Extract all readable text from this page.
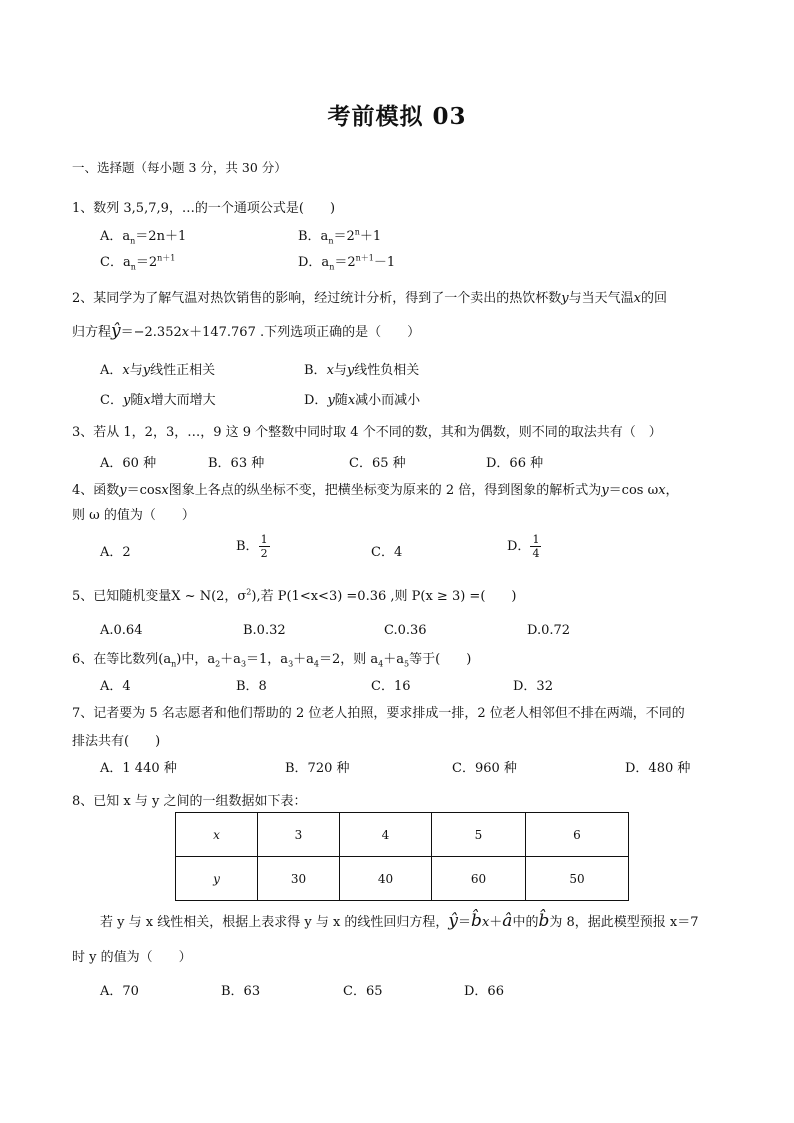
考前模拟 03
一、选择题（每小题 3 分，共 30 分）
1、数列 3,5,7,9，…的一个通项公式是(　　)
A．$a_n=2n+1$	B．$a_n=2^n+1$
C．$a_n=2^{n+1}$	D．$a_n=2^{n+1}-1$
2、某同学为了解气温对热饮销售的影响，经过统计分析，得到了一个卖出的热饮杯数y与当天气温x的回
归方程ŷ＝−2.352x＋147.767 .下列选项正确的是（　　）
A．x与y线性正相关	B．x与y线性负相关
C．y随x增大而增大	D．y随x减小而减小
3、若从 1，2，3，…，9 这 9 个整数中同时取 4 个不同的数，其和为偶数，则不同的取法共有（　）
A．60 种	B．63 种	C．65 种	D．66 种
4、函数y＝cosx图象上各点的纵坐标不变，把横坐标变为原来的 2 倍，得到图象的解析式为y＝cos ωx，
则 ω 的值为（　　）
A．2	B． $\frac{1}{2}$	C．4	D． $\frac{1}{4}$
5、已知随机变量X ~ N(2，$\sigma^2$),若 P(1<x<3) =0.36 ,则 P(x ≥ 3) =(　　)
A.0.64	B.0.32	C.0.36	D.0.72
6、在等比数列$(a_n)$中，$a_2+a_3=1$，$a_3+a_4=2$，则 $a_4+a_5$等于(　　)
A．4	B．8	C．16	D．32
7、记者要为 5 名志愿者和他们帮助的 2 位老人拍照，要求排成一排，2 位老人相邻但不排在两端，不同的
排法共有(　　)
A．1 440 种	B．720 种	C．960 种	D．480 种
8、已知 x 与 y 之间的一组数据如下表：
x	3	4	5	6
y	30	40	60	50
若 y 与 x 线性相关，根据上表求得 y 与 x 的线性回归方程，ŷ＝b̂x＋â中的b̂为 8，据此模型预报 x＝7
时 y 的值为（　　）
A．70	B．63	C．65	D．66
